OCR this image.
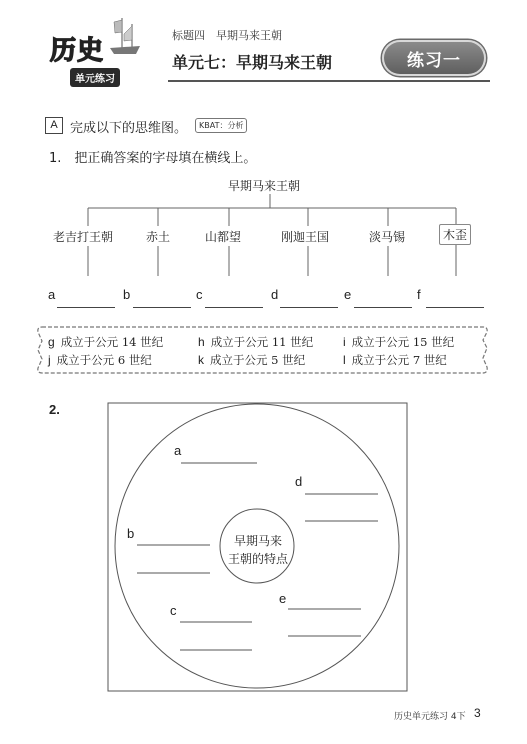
历史
单元练习
标题四　早期马来王朝
单元七：早期马来王朝	练习一
A 完成以下的思维图。	KBAT：分析
1.　把正确答案的字母填在横线上。
早期马来王朝
老吉打王朝	赤土	山都望	刚迦王国	淡马锡	木歪
a	b	c	d	e	f
g 成立于公元 14 世纪	h 成立于公元 11 世纪 i 成立于公元 15 世纪
j 成立于公元 6 世纪	k 成立于公元 5 世纪	l 成立于公元 7 世纪
2.
早期马来
王朝的特点
a
b
c
d
e
历史单元练习 4下 3
